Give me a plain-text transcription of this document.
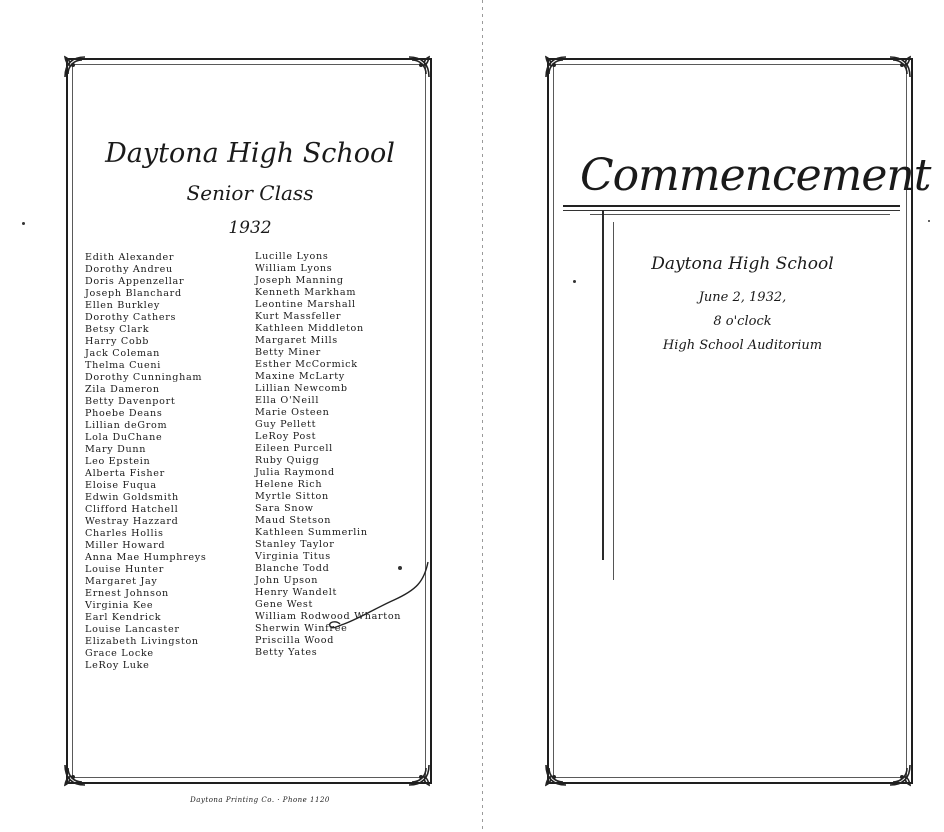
Daytona High School
Senior Class
1932
Edith Alexander
Dorothy Andreu
Doris Appenzellar
Joseph Blanchard
Ellen Burkley
Dorothy Cathers
Betsy Clark
Harry Cobb
Jack Coleman
Thelma Cueni
Dorothy Cunningham
Zila Dameron
Betty Davenport
Phoebe Deans
Lillian deGrom
Lola DuChane
Mary Dunn
Leo Epstein
Alberta Fisher
Eloise Fuqua
Edwin Goldsmith
Clifford Hatchell
Westray Hazzard
Charles Hollis
Miller Howard
Anna Mae Humphreys
Louise Hunter
Margaret Jay
Ernest Johnson
Virginia Kee
Earl Kendrick
Louise Lancaster
Elizabeth Livingston
Grace Locke
LeRoy Luke
Lucille Lyons
William Lyons
Joseph Manning
Kenneth Markham
Leontine Marshall
Kurt Massfeller
Kathleen Middleton
Margaret Mills
Betty Miner
Esther McCormick
Maxine McLarty
Lillian Newcomb
Ella O'Neill
Marie Osteen
Guy Pellett
LeRoy Post
Eileen Purcell
Ruby Quigg
Julia Raymond
Helene Rich
Myrtle Sitton
Sara Snow
Maud Stetson
Kathleen Summerlin
Stanley Taylor
Virginia Titus
Blanche Todd
John Upson
Henry Wandelt
Gene West
William Rodwood Wharton
Sherwin Winfree
Priscilla Wood
Betty Yates
Daytona Printing Co. · Phone 1120
Commencement
Daytona High School
June 2, 1932,
8 o'clock
High School Auditorium
